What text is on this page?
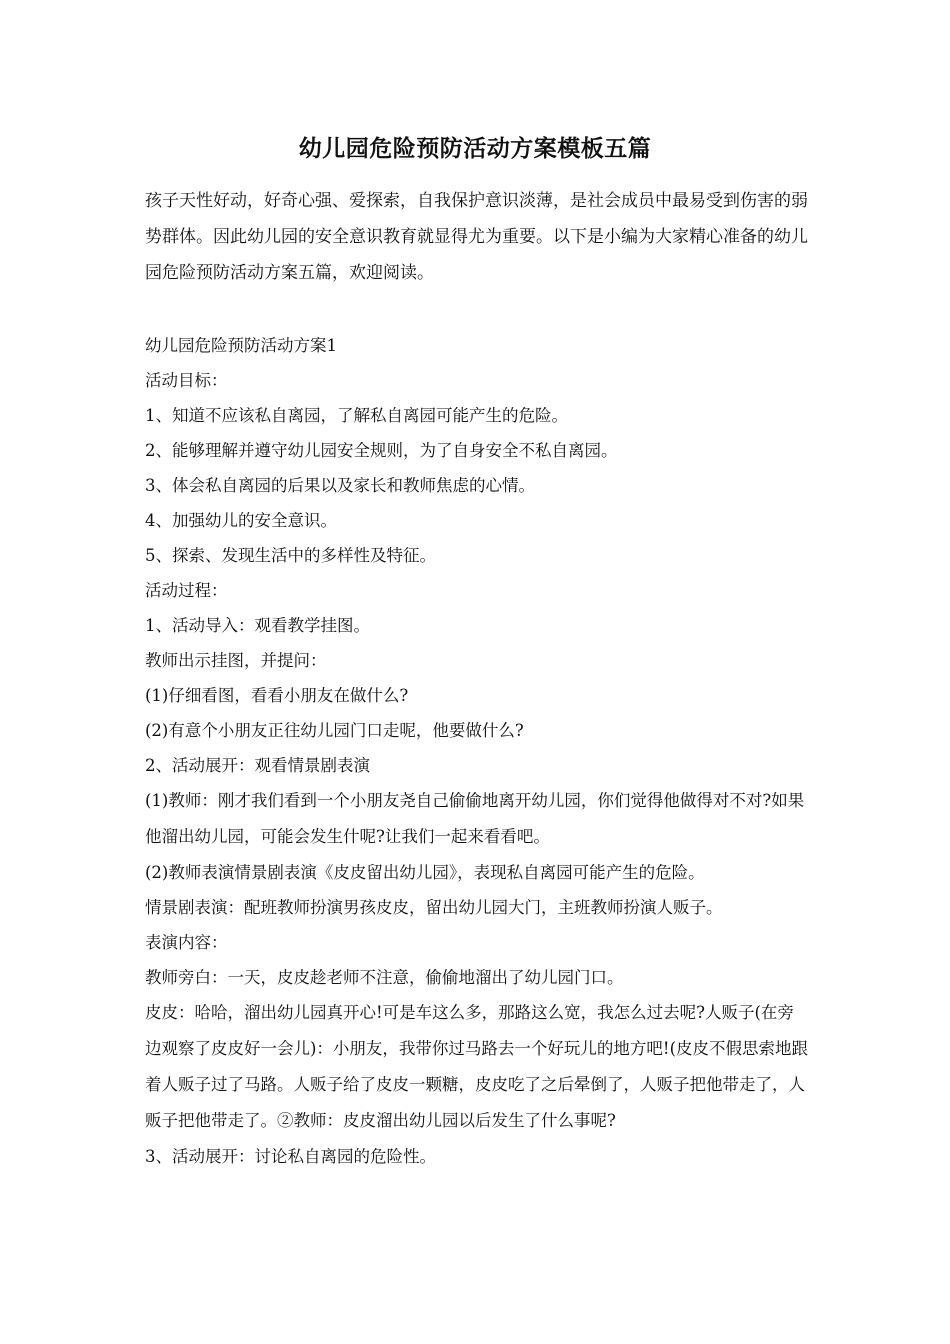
幼儿园危险预防活动方案模板五篇

孩子天性好动，好奇心强、爱探索，自我保护意识淡薄，是社会成员中最易受到伤害的弱势群体。因此幼儿园的安全意识教育就显得尤为重要。以下是小编为大家精心准备的幼儿园危险预防活动方案五篇，欢迎阅读。

幼儿园危险预防活动方案1
活动目标：
1、知道不应该私自离园，了解私自离园可能产生的危险。
2、能够理解并遵守幼儿园安全规则，为了自身安全不私自离园。
3、体会私自离园的后果以及家长和教师焦虑的心情。
4、加强幼儿的安全意识。
5、探索、发现生活中的多样性及特征。
活动过程：
1、活动导入：观看教学挂图。
教师出示挂图，并提问：
(1)仔细看图，看看小朋友在做什么?
(2)有意个小朋友正往幼儿园门口走呢，他要做什么?
2、活动展开：观看情景剧表演

(1)教师：刚才我们看到一个小朋友尧自己偷偷地离开幼儿园，你们觉得他做得对不对?如果他溜出幼儿园，可能会发生什呢?让我们一起来看看吧。

(2)教师表演情景剧表演《皮皮留出幼儿园》，表现私自离园可能产生的危险。
情景剧表演：配班教师扮演男孩皮皮，留出幼儿园大门，主班教师扮演人贩子。
表演内容：
教师旁白：一天，皮皮趁老师不注意，偷偷地溜出了幼儿园门口。

皮皮：哈哈，溜出幼儿园真开心!可是车这么多，那路这么宽，我怎么过去呢?人贩子(在旁边观察了皮皮好一会儿)：小朋友，我带你过马路去一个好玩儿的地方吧!(皮皮不假思索地跟着人贩子过了马路。人贩子给了皮皮一颗糖，皮皮吃了之后晕倒了，人贩子把他带走了，人贩子把他带走了。②教师：皮皮溜出幼儿园以后发生了什么事呢?

3、活动展开：讨论私自离园的危险性。
